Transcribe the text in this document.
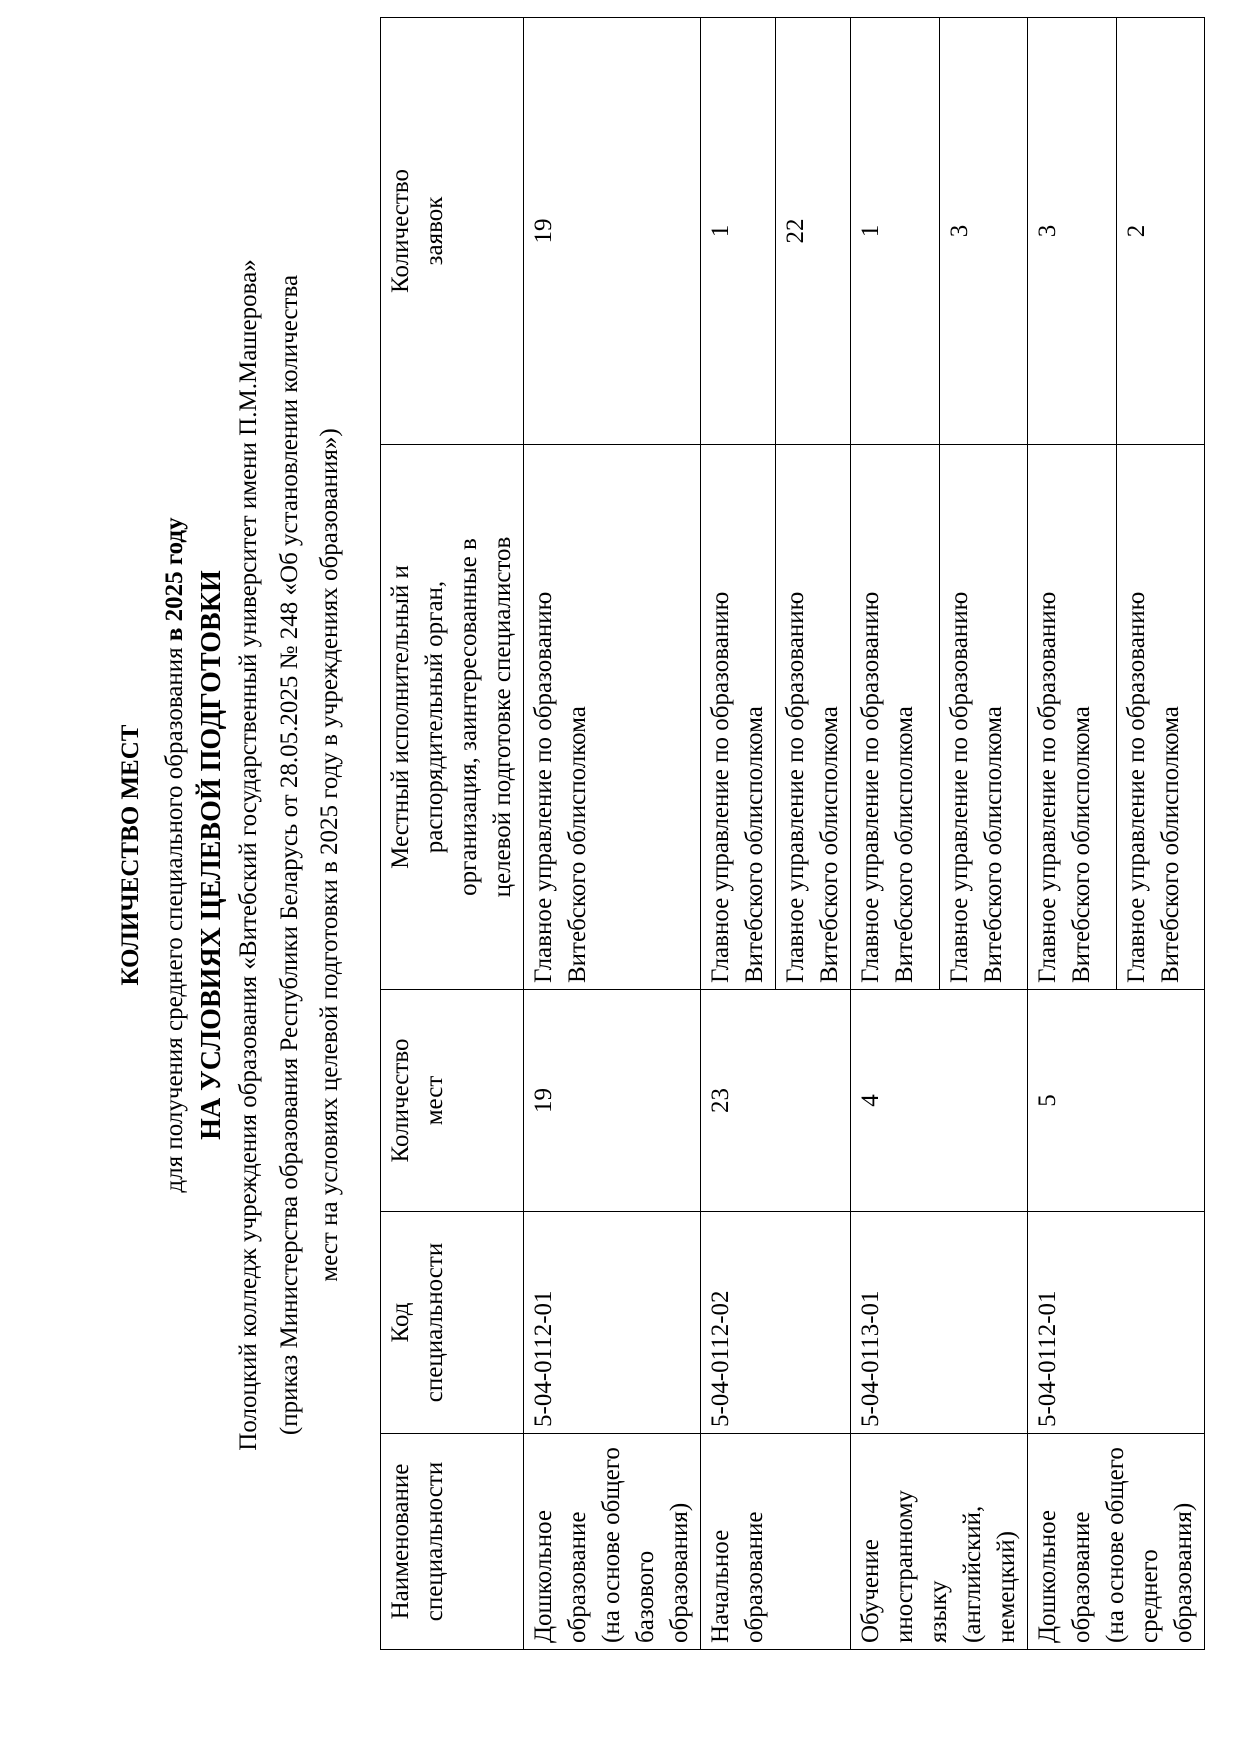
КОЛИЧЕСТВО МЕСТ для получения среднего специального образования в 2025 году НА УСЛОВИЯХ ЦЕЛЕВОЙ ПОДГОТОВКИ Полоцкий колледж учреждения образования «Витебский государственный университет имени П.М.Машерова» (приказ Министерства образования Республики Беларусь от 28.05.2025 № 248 «Об установлении количества мест на условиях целевой подготовки в 2025 году в учреждениях образования»)
Наименование специальности	Код специальности	Количество мест	Местный исполнительный и распорядительный орган, организация, заинтересованные в целевой подготовке специалистов	Количество заявок

Дошкольное образование (на основе общего базового образования)	5-04-0112-01	19	Главное управление по образованию Витебского облисполкома	19

Начальное образование	5-04-0112-02	23	Главное управление по образованию Витебского облисполкома	1

			Главное управление по образованию Витебского облисполкома	22

Обучение иностранному языку (английский, немецкий)	5-04-0113-01	4	Главное управление по образованию Витебского облисполкома	1

			Главное управление по образованию Витебского облисполкома	3

Дошкольное образование (на основе общего среднего образования)	5-04-0112-01	5	Главное управление по образованию Витебского облисполкома	3

			Главное управление по образованию Витебского облисполкома	2
